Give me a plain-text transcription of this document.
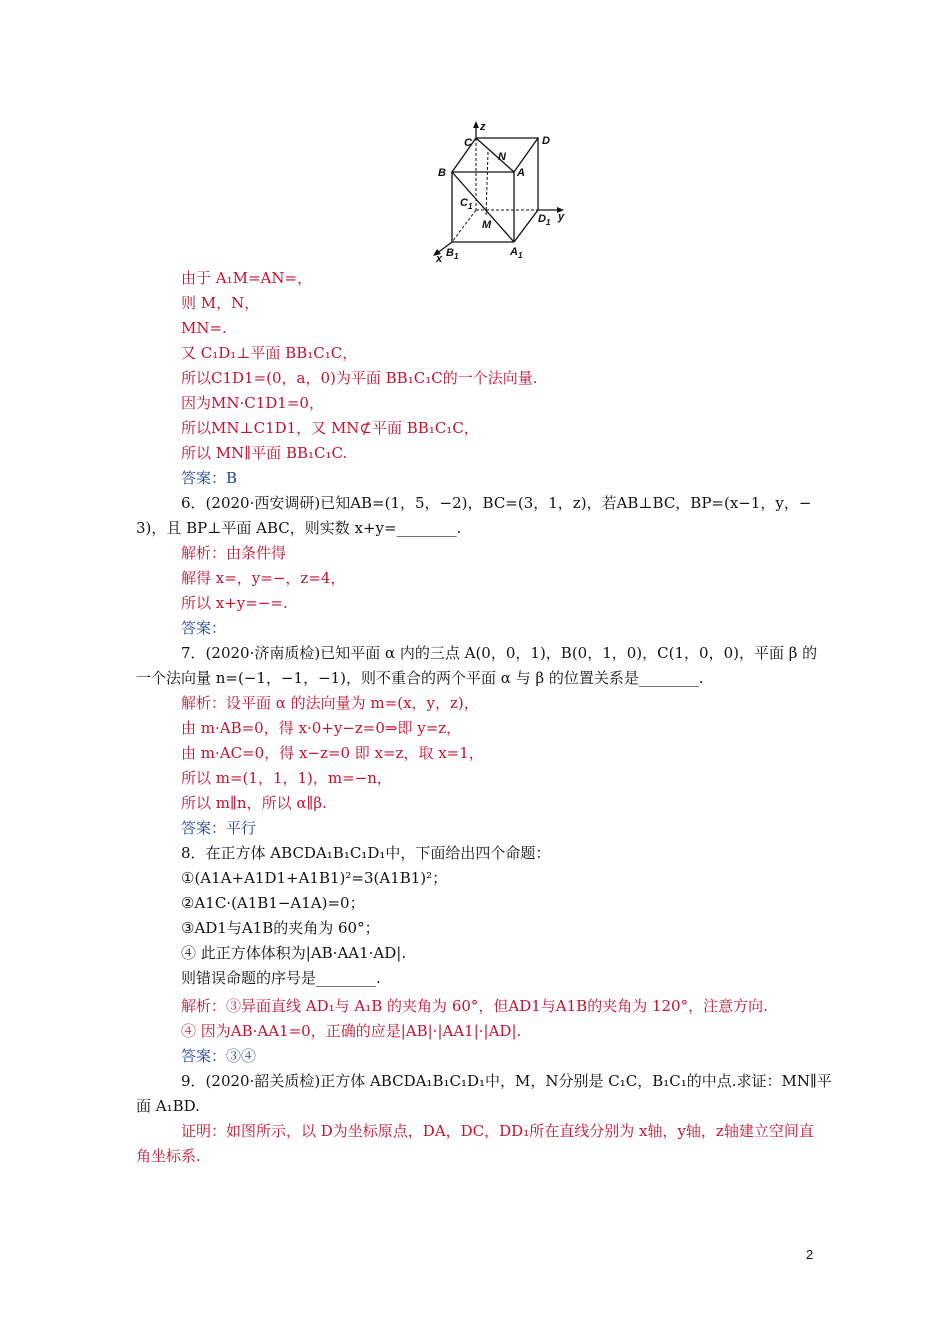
z
y
x
C	D
N
B	A
$C_1$
M	$D_1$
$B_1$	$A_1$
由于 A₁M=AN=，
则 M，N，
MN=.
又 C₁D₁⊥平面 BB₁C₁C，
所以C1D1=(0，a，0)为平面 BB₁C₁C的一个法向量.
因为MN·C1D1=0，
所以MN⊥C1D1，又 MN⊄平面 BB₁C₁C，
所以 MN∥平面 BB₁C₁C.
答案：B
6．(2020·西安调研)已知AB=(1，5，−2)，BC=(3，1，z)，若AB⊥BC，BP=(x−1，y，−
3)，且 BP⊥平面 ABC，则实数 x+y=________.
解析：由条件得
解得 x=，y=−，z=4，
所以 x+y=−=.
答案：
7．(2020·济南质检)已知平面 α 内的三点 A(0，0，1)，B(0，1，0)，C(1，0，0)，平面 β 的
一个法向量 n=(−1，−1，−1)，则不重合的两个平面 α 与 β 的位置关系是________.
解析：设平面 α 的法向量为 m=(x，y，z)，
由 m·AB=0，得 x·0+y−z=0⇒即 y=z，
由 m·AC=0，得 x−z=0 即 x=z，取 x=1，
所以 m=(1，1，1)，m=−n，
所以 m∥n，所以 α∥β.
答案：平行
8．在正方体 ABCDA₁B₁C₁D₁中，下面给出四个命题：
①(A1A+A1D1+A1B1)²=3(A1B1)²；
②A1C·(A1B1−A1A)=0；
③AD1与A1B的夹角为 60°；
④ 此正方体体积为|AB·AA1·AD|.
则错误命题的序号是________.
解析：③异面直线 AD₁与 A₁B 的夹角为 60°，但AD1与A1B的夹角为 120°，注意方向.
④ 因为AB·AA1=0，正确的应是|AB|·|AA1|·|AD|.
答案：③④
9．(2020·韶关质检)正方体 ABCDA₁B₁C₁D₁中，M，N分别是 C₁C，B₁C₁的中点.求证：MN∥平
面 A₁BD.
证明：如图所示，以 D为坐标原点，DA，DC，DD₁所在直线分别为 x轴，y轴，z轴建立空间直
角坐标系.
2
